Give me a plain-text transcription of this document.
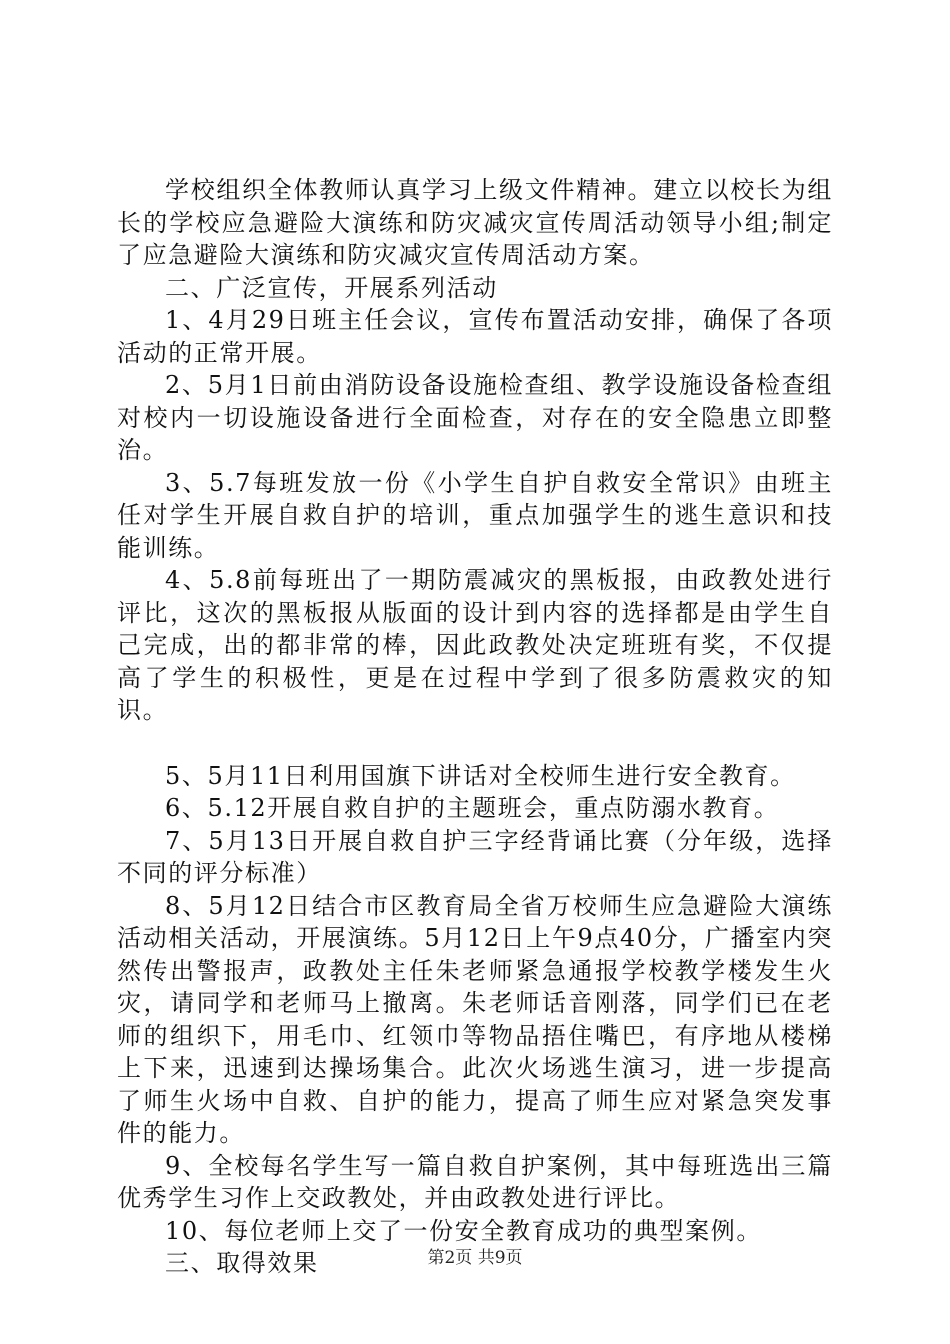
学校组织全体教师认真学习上级文件精神。建立以校长为组长的学校应急避险大演练和防灾减灾宣传周活动领导小组;制定了应急避险大演练和防灾减灾宣传周活动方案。

二、广泛宣传，开展系列活动

1、4月29日班主任会议，宣传布置活动安排，确保了各项活动的正常开展。

2、5月1日前由消防设备设施检查组、教学设施设备检查组对校内一切设施设备进行全面检查，对存在的安全隐患立即整治。

3、5.7每班发放一份《小学生自护自救安全常识》由班主任对学生开展自救自护的培训，重点加强学生的逃生意识和技能训练。

4、5.8前每班出了一期防震减灾的黑板报，由政教处进行评比，这次的黑板报从版面的设计到内容的选择都是由学生自己完成，出的都非常的棒，因此政教处决定班班有奖，不仅提高了学生的积极性，更是在过程中学到了很多防震救灾的知识。

5、5月11日利用国旗下讲话对全校师生进行安全教育。

6、5.12开展自救自护的主题班会，重点防溺水教育。

7、5月13日开展自救自护三字经背诵比赛（分年级，选择不同的评分标准）

8、5月12日结合市区教育局全省万校师生应急避险大演练活动相关活动，开展演练。5月12日上午9点40分，广播室内突然传出警报声，政教处主任朱老师紧急通报学校教学楼发生火灾，请同学和老师马上撤离。朱老师话音刚落，同学们已在老师的组织下，用毛巾、红领巾等物品捂住嘴巴，有序地从楼梯上下来，迅速到达操场集合。此次火场逃生演习，进一步提高了师生火场中自救、自护的能力，提高了师生应对紧急突发事件的能力。

9、全校每名学生写一篇自救自护案例，其中每班选出三篇优秀学生习作上交政教处，并由政教处进行评比。

10、每位老师上交了一份安全教育成功的典型案例。

三、取得效果	第2页 共9页
